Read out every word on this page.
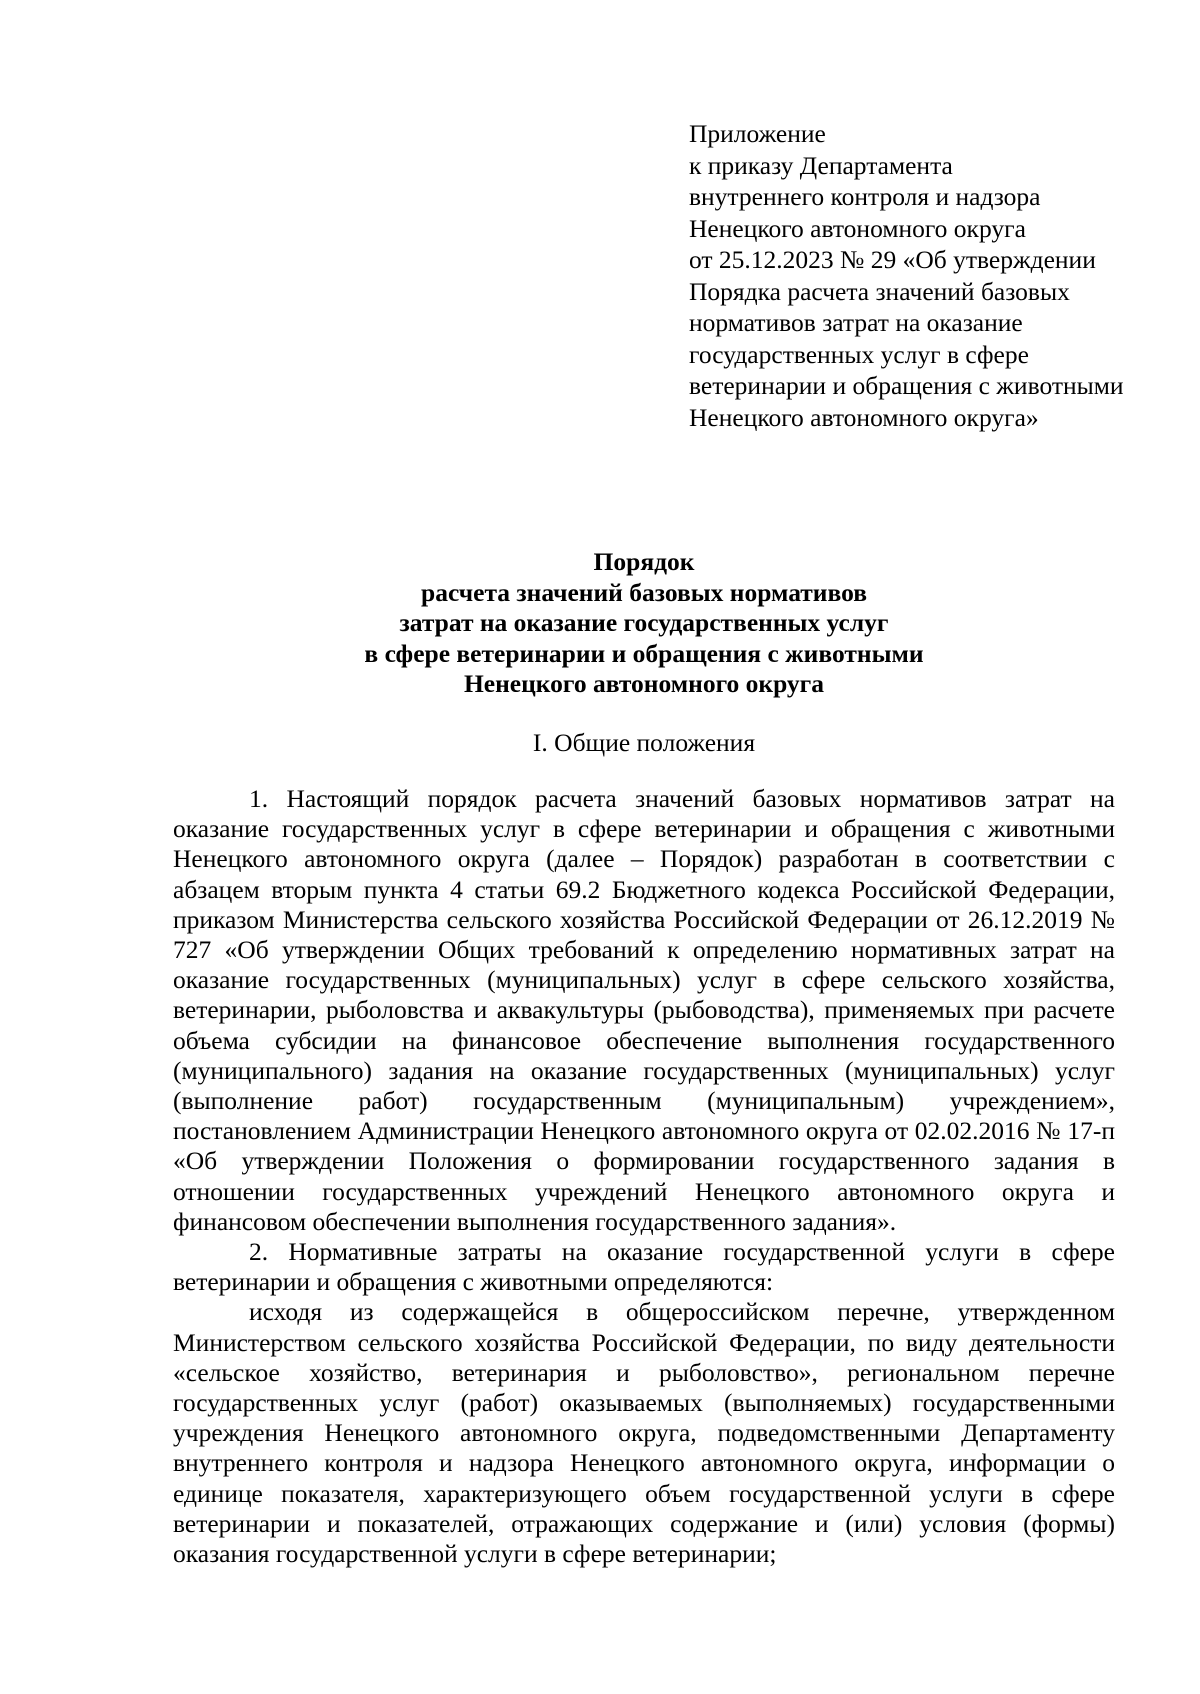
Приложение
к приказу Департамента
внутреннего контроля и надзора
Ненецкого автономного округа
от 25.12.2023 № 29 «Об утверждении
Порядка расчета значений базовых
нормативов затрат на оказание
государственных услуг в сфере
ветеринарии и обращения с животными
Ненецкого автономного округа»
Порядок
расчета значений базовых нормативов
затрат на оказание государственных услуг
в сфере ветеринарии и обращения с животными
Ненецкого автономного округа
I. Общие положения

1. Настоящий порядок расчета значений базовых нормативов затрат на оказание государственных услуг в сфере ветеринарии и обращения с животными Ненецкого автономного округа (далее – Порядок) разработан в соответствии с абзацем вторым пункта 4 статьи 69.2 Бюджетного кодекса Российской Федерации, приказом Министерства сельского хозяйства Российской Федерации от 26.12.2019 № 727 «Об утверждении Общих требований к определению нормативных затрат на оказание государственных (муниципальных) услуг в сфере сельского хозяйства, ветеринарии, рыболовства и аквакультуры (рыбоводства), применяемых при расчете объема субсидии на финансовое обеспечение выполнения государственного (муниципального) задания на оказание государственных (муниципальных) услуг (выполнение работ) государственным (муниципальным) учреждением», постановлением Администрации Ненецкого автономного округа от 02.02.2016 № 17-п «Об утверждении Положения о формировании государственного задания в отношении государственных учреждений Ненецкого автономного округа и финансовом обеспечении выполнения государственного задания».

2. Нормативные затраты на оказание государственной услуги в сфере ветеринарии и обращения с животными определяются:

исходя из содержащейся в общероссийском перечне, утвержденном Министерством сельского хозяйства Российской Федерации, по виду деятельности «сельское хозяйство, ветеринария и рыболовство», региональном перечне государственных услуг (работ) оказываемых (выполняемых) государственными учреждения Ненецкого автономного округа, подведомственными Департаменту внутреннего контроля и надзора Ненецкого автономного округа, информации о единице показателя, характеризующего объем государственной услуги в сфере ветеринарии и показателей, отражающих содержание и (или) условия (формы) оказания государственной услуги в сфере ветеринарии;
